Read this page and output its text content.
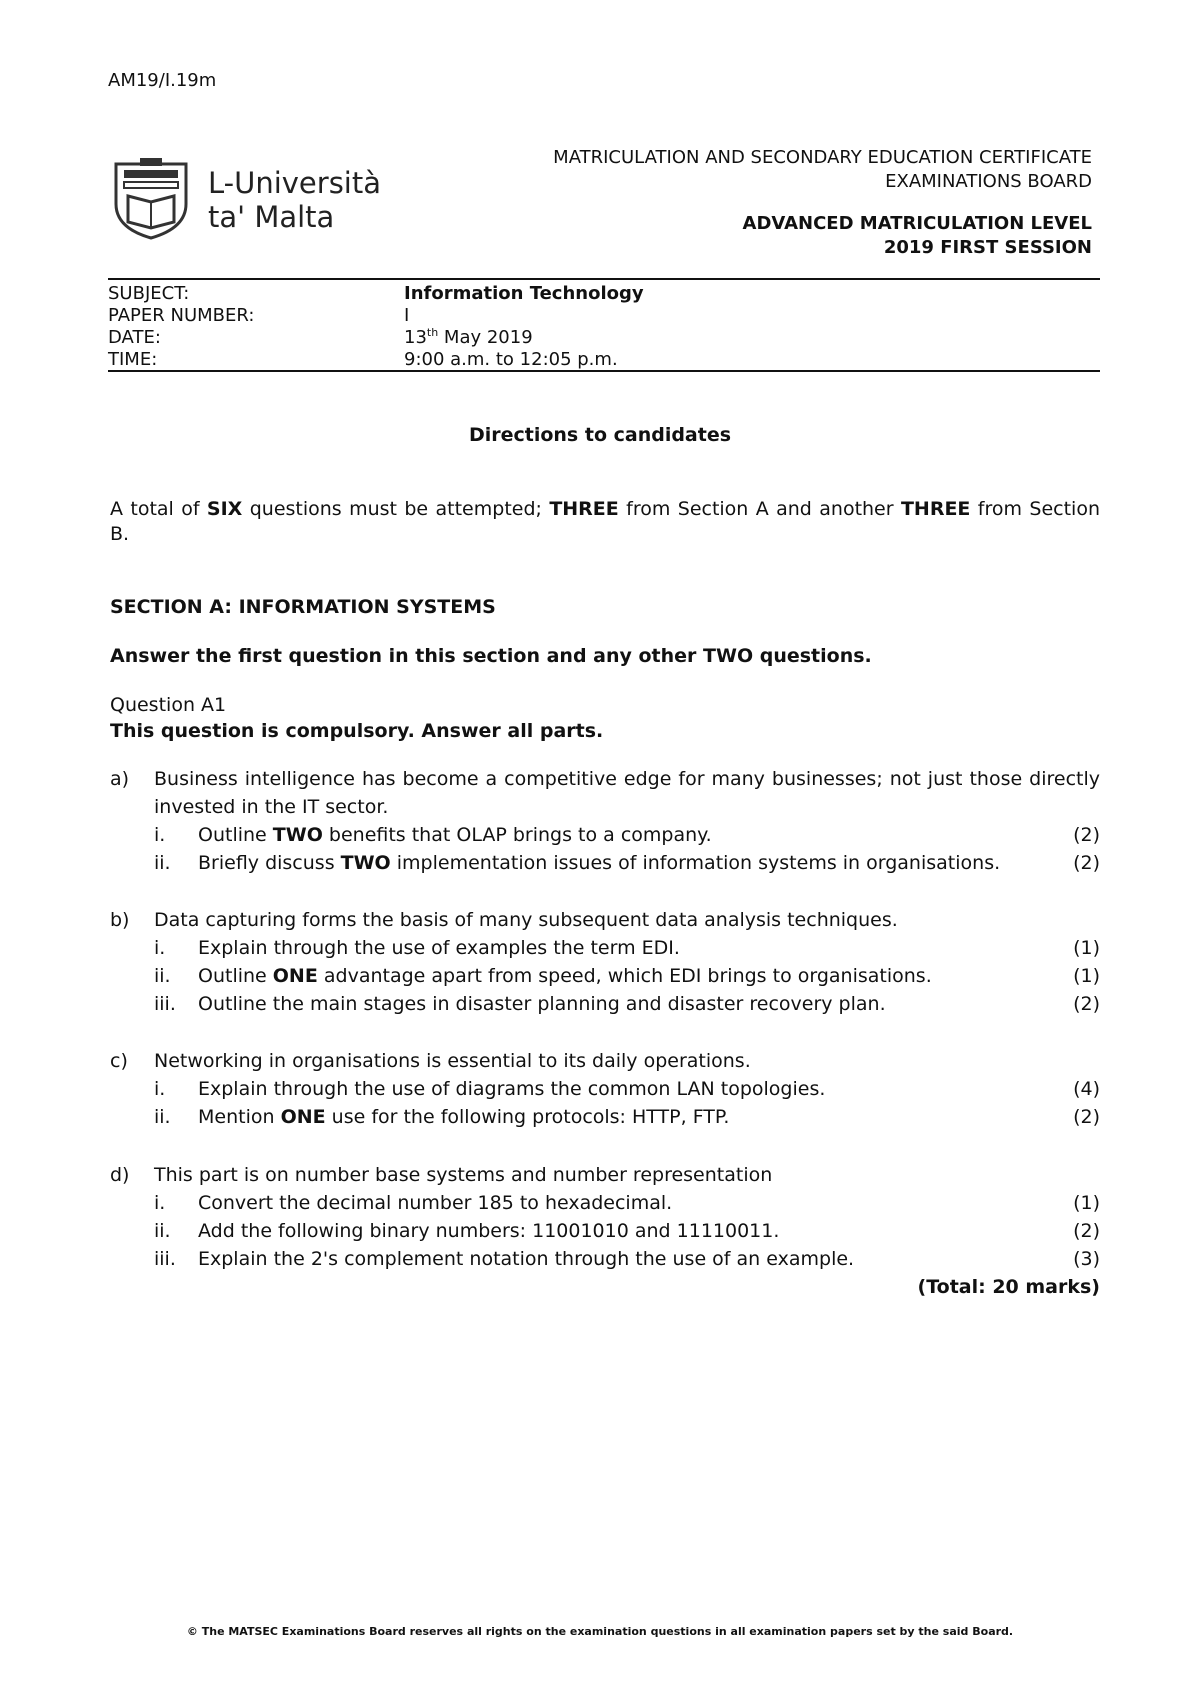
AM19/I.19m
L-Università
ta' Malta
MATRICULATION AND SECONDARY EDUCATION CERTIFICATE
EXAMINATIONS BOARD
ADVANCED MATRICULATION LEVEL
2019 FIRST SESSION
SUBJECT:	Information Technology
PAPER NUMBER:	I
DATE:	13th May 2019
TIME:	9:00 a.m. to 12:05 p.m.
Directions to candidates
A total of SIX questions must be attempted; THREE from Section A and another THREE from Section B.
SECTION A: INFORMATION SYSTEMS
Answer the first question in this section and any other TWO questions.
Question A1
This question is compulsory. Answer all parts.
a) Business intelligence has become a competitive edge for many businesses; not just those directly invested in the IT sector.
i.	Outline TWO benefits that OLAP brings to a company.	(2)
ii.	Briefly discuss TWO implementation issues of information systems in organisations.	(2)
b) Data capturing forms the basis of many subsequent data analysis techniques.
i.	Explain through the use of examples the term EDI.	(1)
ii.	Outline ONE advantage apart from speed, which EDI brings to organisations.	(1)
iii.	Outline the main stages in disaster planning and disaster recovery plan.	(2)
c) Networking in organisations is essential to its daily operations.
i.	Explain through the use of diagrams the common LAN topologies.	(4)
ii.	Mention ONE use for the following protocols: HTTP, FTP.	(2)
d) This part is on number base systems and number representation
i.	Convert the decimal number 185 to hexadecimal.	(1)
ii.	Add the following binary numbers: 11001010 and 11110011.	(2)
iii.	Explain the 2's complement notation through the use of an example.	(3)
(Total: 20 marks)
© The MATSEC Examinations Board reserves all rights on the examination questions in all examination papers set by the said Board.
